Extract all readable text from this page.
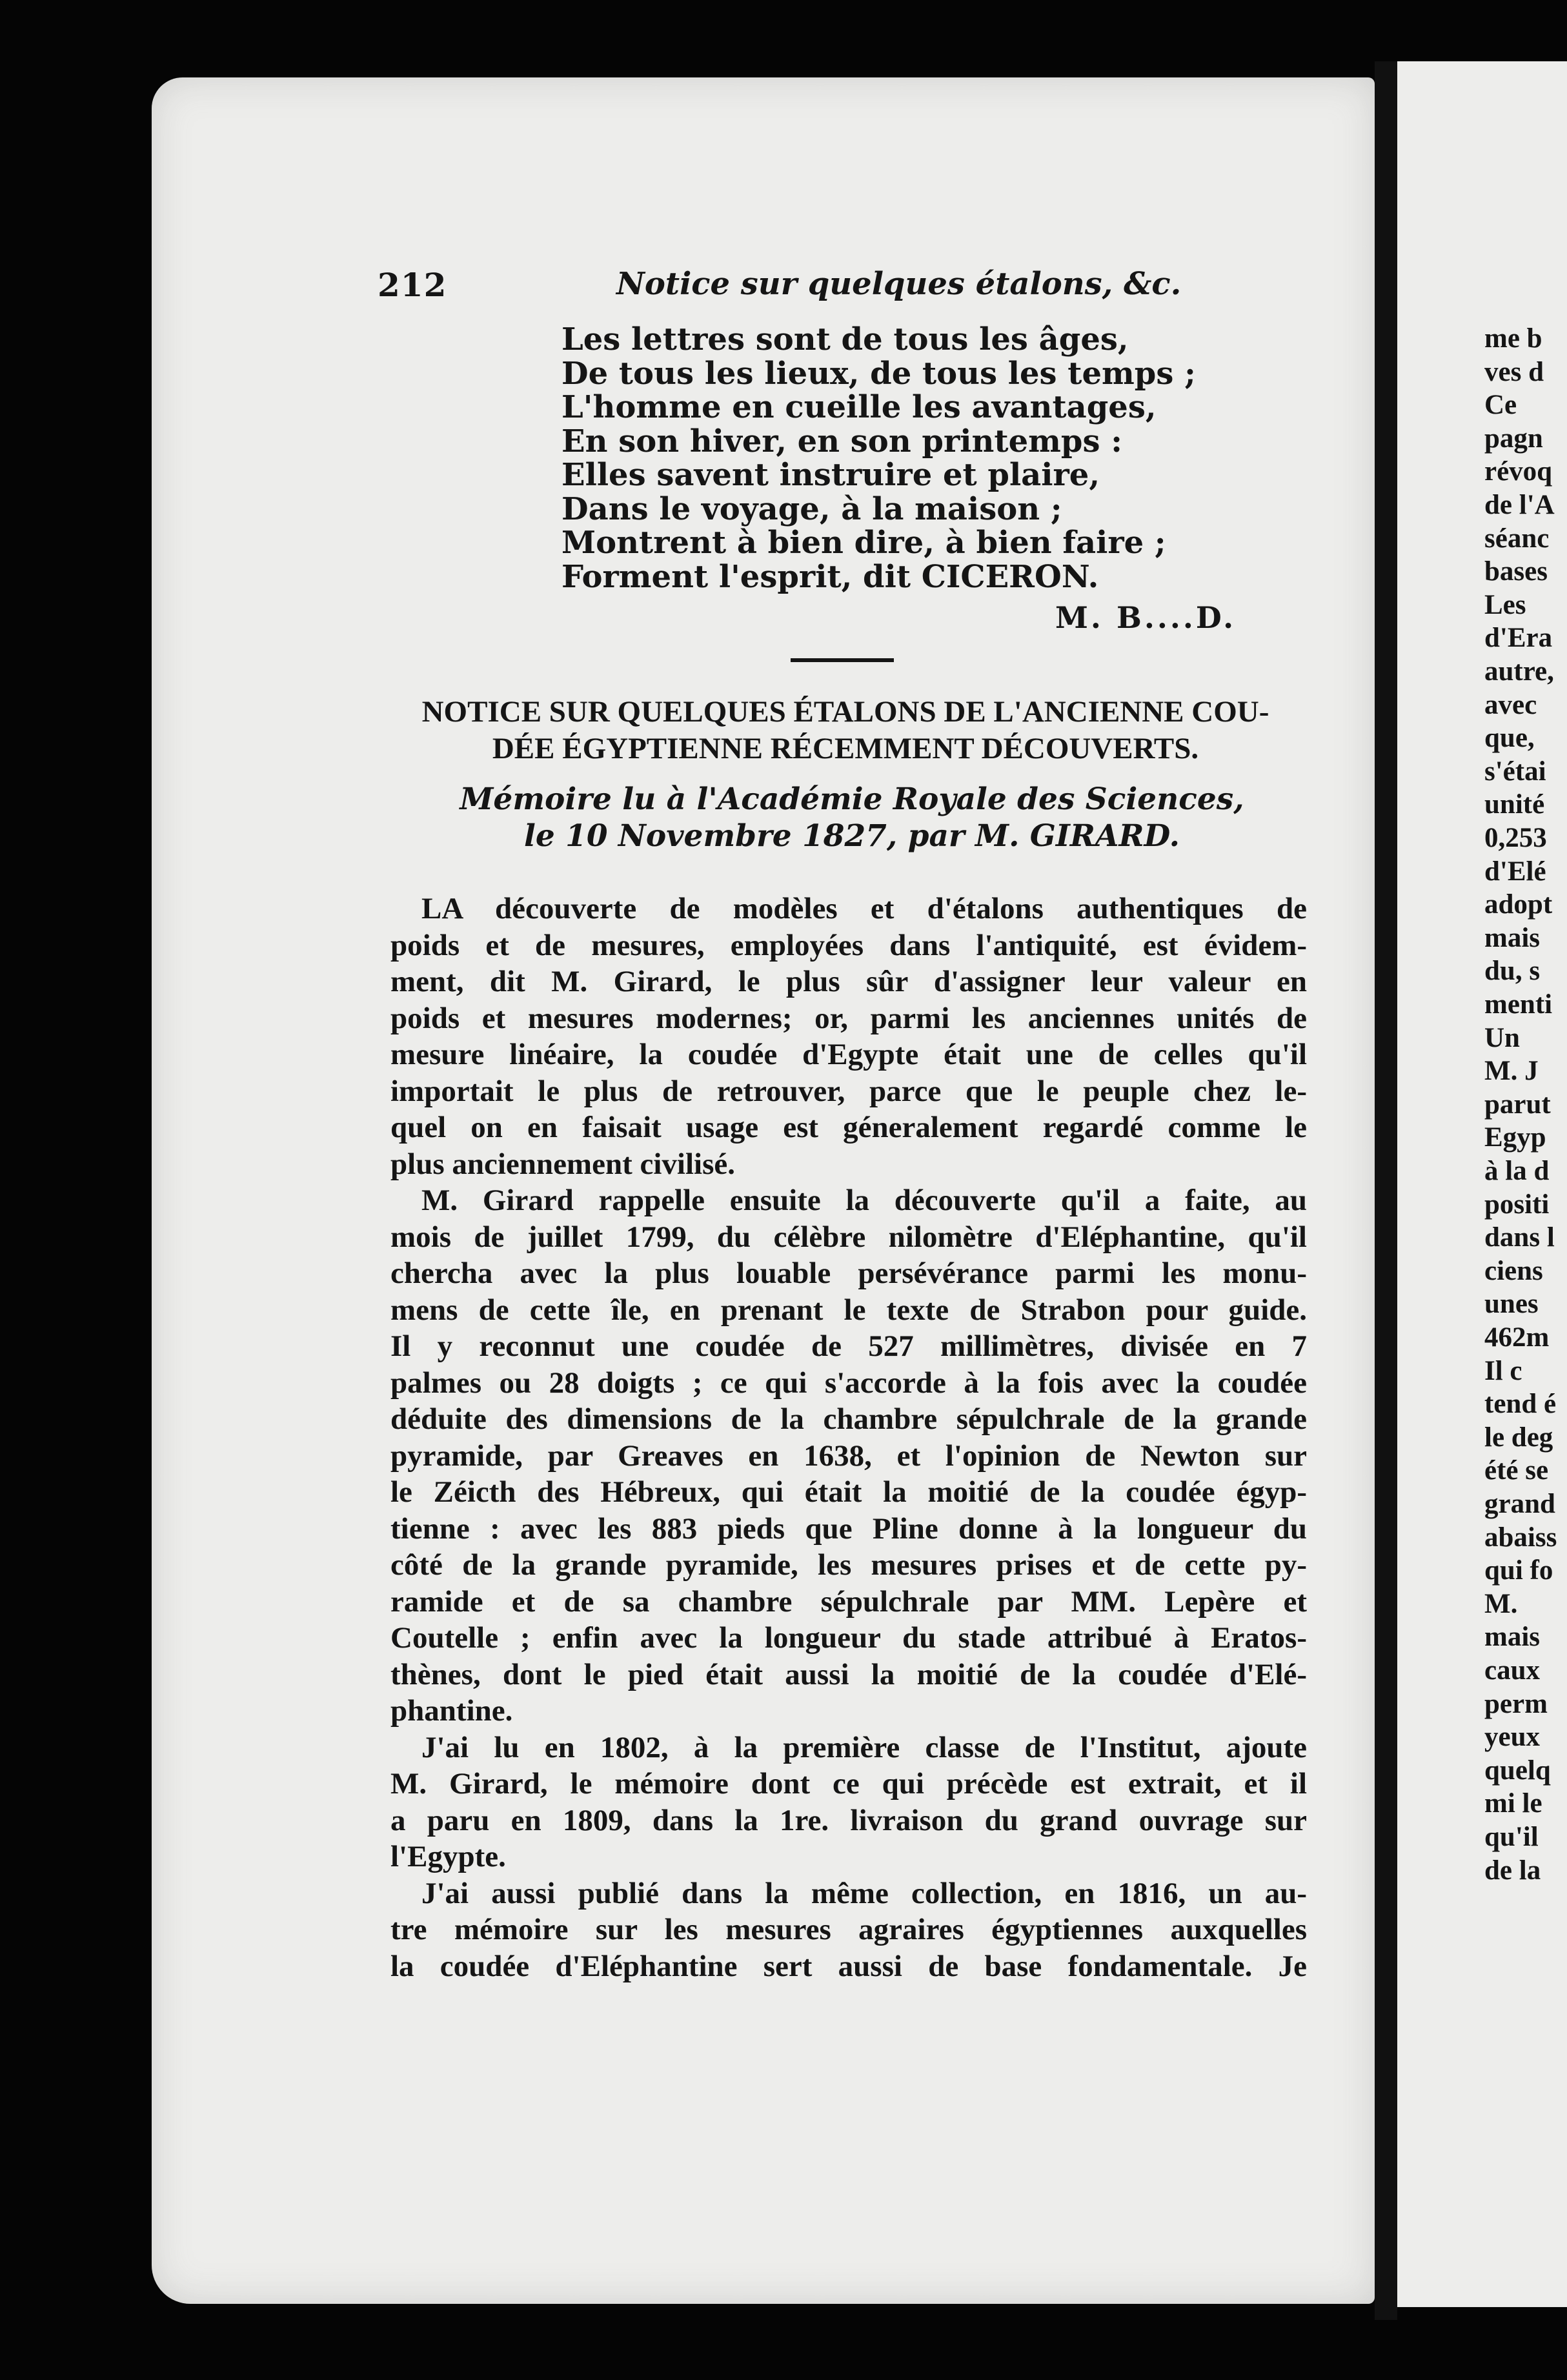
212	Notice sur quelques étalons, &c.
Les lettres sont de tous les âges,
De tous les lieux, de tous les temps ;
L'homme en cueille les avantages,
En son hiver, en son printemps :
Elles savent instruire et plaire,
Dans le voyage, à la maison ;
Montrent à bien dire, à bien faire ;
Forment l'esprit, dit CICERON.
M. B....D.
NOTICE SUR QUELQUES ÉTALONS DE L'ANCIENNE COU-
DÉE ÉGYPTIENNE RÉCEMMENT DÉCOUVERTS.
Mémoire lu à l'Académie Royale des Sciences,
le 10 Novembre 1827, par M. GIRARD.
LA découverte de modèles et d'étalons authentiques de
poids et de mesures, employées dans l'antiquité, est évidem-
ment, dit M. Girard, le plus sûr d'assigner leur valeur en
poids et mesures modernes; or, parmi les anciennes unités de
mesure linéaire, la coudée d'Egypte était une de celles qu'il
importait le plus de retrouver, parce que le peuple chez le-
quel on en faisait usage est géneralement regardé comme le
plus anciennement civilisé.
M. Girard rappelle ensuite la découverte qu'il a faite, au
mois de juillet 1799, du célèbre nilomètre d'Eléphantine, qu'il
chercha avec la plus louable persévérance parmi les monu-
mens de cette île, en prenant le texte de Strabon pour guide.
Il y reconnut une coudée de 527 millimètres, divisée en 7
palmes ou 28 doigts ; ce qui s'accorde à la fois avec la coudée
déduite des dimensions de la chambre sépulchrale de la grande
pyramide, par Greaves en 1638, et l'opinion de Newton sur
le Zéicth des Hébreux, qui était la moitié de la coudée égyp-
tienne : avec les 883 pieds que Pline donne à la longueur du
côté de la grande pyramide, les mesures prises et de cette py-
ramide et de sa chambre sépulchrale par MM. Lepère et
Coutelle ; enfin avec la longueur du stade attribué à Eratos-
thènes, dont le pied était aussi la moitié de la coudée d'Elé-
phantine.
J'ai lu en 1802, à la première classe de l'Institut, ajoute
M. Girard, le mémoire dont ce qui précède est extrait, et il
a paru en 1809, dans la 1re. livraison du grand ouvrage sur
l'Egypte.
J'ai aussi publié dans la même collection, en 1816, un au-
tre mémoire sur les mesures agraires égyptiennes auxquelles
la coudée d'Eléphantine sert aussi de base fondamentale. Je
me b
ves d
Ce
pagn
révoq
de l'A
séanc
bases
Les
d'Era
autre,
avec
que,
s'étai
unité
0,253
d'Elé
adopt
mais
du, s
menti
Un
M. J
parut
Egyp
à la d
positi
dans l
ciens
unes
462m
Il c
tend é
le deg
été se
grand
abaiss
qui fo
M.
mais
caux
perm
yeux
quelq
mi le
qu'il
de la
